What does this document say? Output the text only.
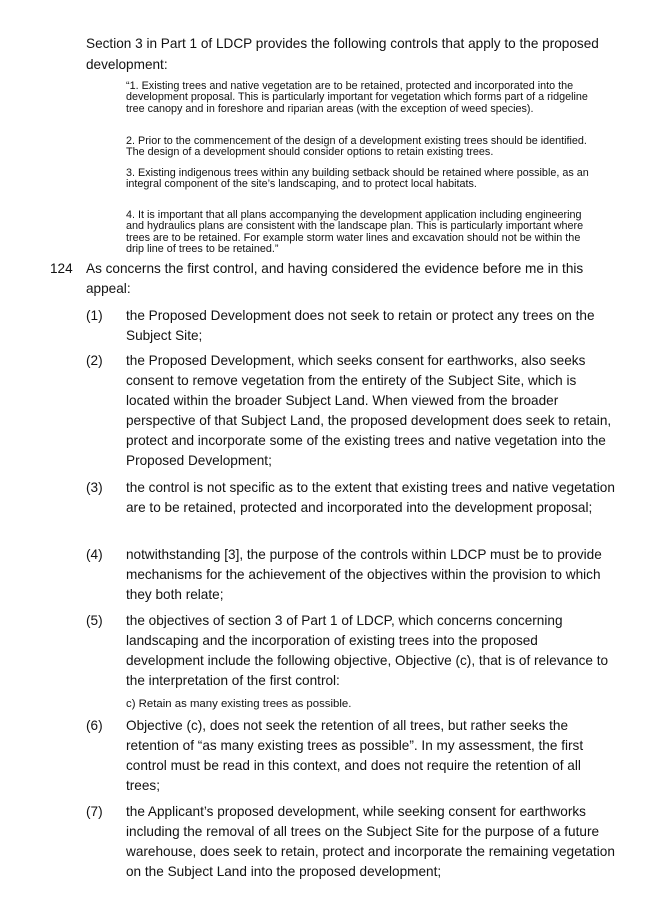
Section 3 in Part 1 of LDCP provides the following controls that apply to the proposed development:

“1. Existing trees and native vegetation are to be retained, protected and incorporated into the development proposal. This is particularly important for vegetation which forms part of a ridgeline tree canopy and in foreshore and riparian areas (with the exception of weed species).

2. Prior to the commencement of the design of a development existing trees should be identified. The design of a development should consider options to retain existing trees.

3. Existing indigenous trees within any building setback should be retained where possible, as an integral component of the site’s landscaping, and to protect local habitats.

4. It is important that all plans accompanying the development application including engineering and hydraulics plans are consistent with the landscape plan. This is particularly important where trees are to be retained. For example storm water lines and excavation should not be within the drip line of trees to be retained.”

124 As concerns the first control, and having considered the evidence before me in this appeal:

(1) the Proposed Development does not seek to retain or protect any trees on the Subject Site;

(2) the Proposed Development, which seeks consent for earthworks, also seeks consent to remove vegetation from the entirety of the Subject Site, which is located within the broader Subject Land. When viewed from the broader perspective of that Subject Land, the proposed development does seek to retain, protect and incorporate some of the existing trees and native vegetation into the Proposed Development;

(3) the control is not specific as to the extent that existing trees and native vegetation are to be retained, protected and incorporated into the development proposal;

(4) notwithstanding [3], the purpose of the controls within LDCP must be to provide mechanisms for the achievement of the objectives within the provision to which they both relate;

(5) the objectives of section 3 of Part 1 of LDCP, which concerns concerning landscaping and the incorporation of existing trees into the proposed development include the following objective, Objective (c), that is of relevance to the interpretation of the first control:

c) Retain as many existing trees as possible.

(6) Objective (c), does not seek the retention of all trees, but rather seeks the retention of “as many existing trees as possible”. In my assessment, the first control must be read in this context, and does not require the retention of all trees;

(7) the Applicant’s proposed development, while seeking consent for earthworks including the removal of all trees on the Subject Site for the purpose of a future warehouse, does seek to retain, protect and incorporate the remaining vegetation on the Subject Land into the proposed development;
